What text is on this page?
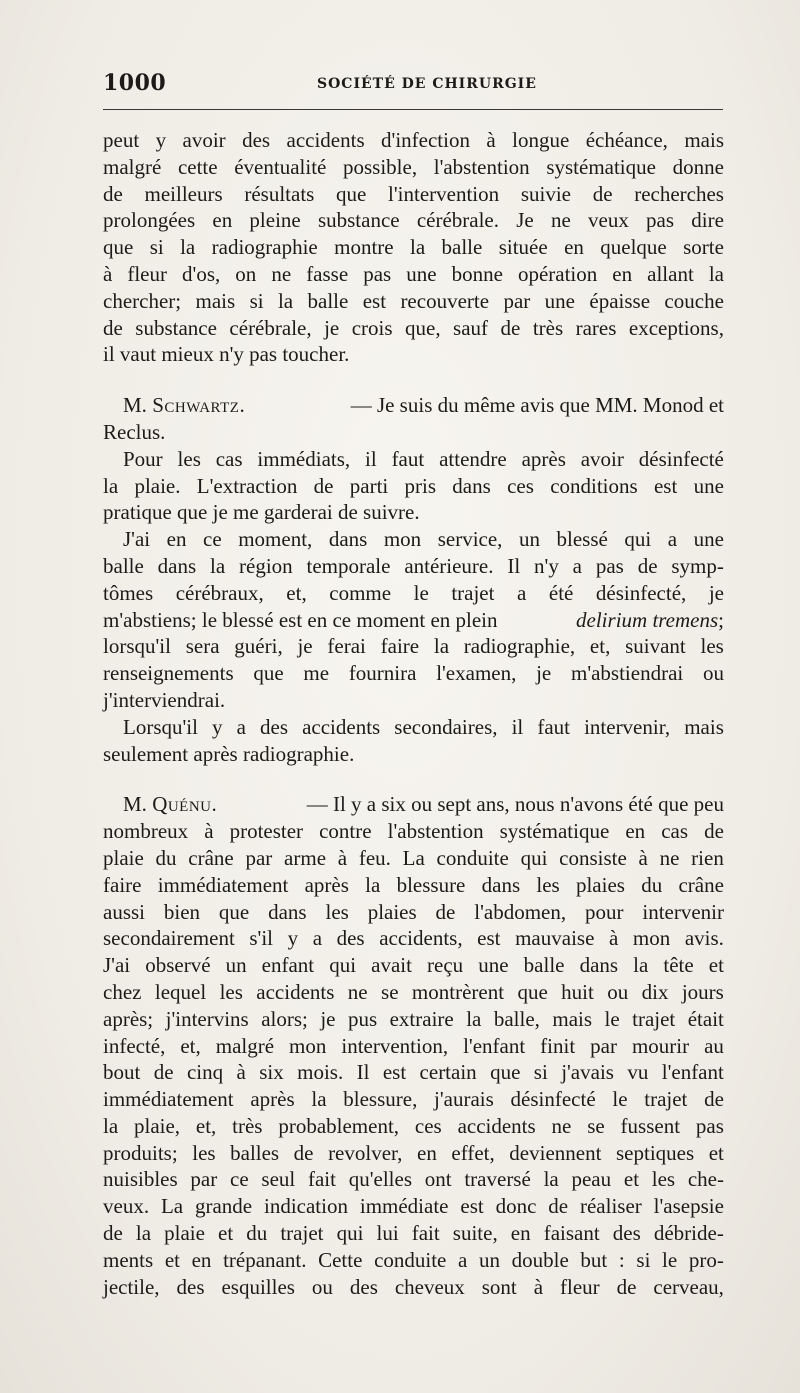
1000	SOCIÉTÉ DE CHIRURGIE
peut y avoir des accidents d'infection à longue échéance, mais
malgré cette éventualité possible, l'abstention systématique donne
de meilleurs résultats que l'intervention suivie de recherches
prolongées en pleine substance cérébrale. Je ne veux pas dire
que si la radiographie montre la balle située en quelque sorte
à fleur d'os, on ne fasse pas une bonne opération en allant la
chercher; mais si la balle est recouverte par une épaisse couche
de substance cérébrale, je crois que, sauf de très rares exceptions,
il vaut mieux n'y pas toucher.
M. Schwartz.	— Je suis du même avis que MM. Monod et
Reclus.
Pour les cas immédiats, il faut attendre après avoir désinfecté
la plaie. L'extraction de parti pris dans ces conditions est une
pratique que je me garderai de suivre.
J'ai en ce moment, dans mon service, un blessé qui a une
balle dans la région temporale antérieure. Il n'y a pas de symp-
tômes cérébraux, et, comme le trajet a été désinfecté, je
m'abstiens; le blessé est en ce moment en plein	delirium tremens;
lorsqu'il sera guéri, je ferai faire la radiographie, et, suivant les
renseignements que me fournira l'examen, je m'abstiendrai ou
j'interviendrai.
Lorsqu'il y a des accidents secondaires, il faut intervenir, mais
seulement après radiographie.
M. Quénu.	— Il y a six ou sept ans, nous n'avons été que peu
nombreux à protester contre l'abstention systématique en cas de
plaie du crâne par arme à feu. La conduite qui consiste à ne rien
faire immédiatement après la blessure dans les plaies du crâne
aussi bien que dans les plaies de l'abdomen, pour intervenir
secondairement s'il y a des accidents, est mauvaise à mon avis.
J'ai observé un enfant qui avait reçu une balle dans la tête et
chez lequel les accidents ne se montrèrent que huit ou dix jours
après; j'intervins alors; je pus extraire la balle, mais le trajet était
infecté, et, malgré mon intervention, l'enfant finit par mourir au
bout de cinq à six mois. Il est certain que si j'avais vu l'enfant
immédiatement après la blessure, j'aurais désinfecté le trajet de
la plaie, et, très probablement, ces accidents ne se fussent pas
produits; les balles de revolver, en effet, deviennent septiques et
nuisibles par ce seul fait qu'elles ont traversé la peau et les che-
veux. La grande indication immédiate est donc de réaliser l'asepsie
de la plaie et du trajet qui lui fait suite, en faisant des débride-
ments et en trépanant. Cette conduite a un double but : si le pro-
jectile, des esquilles ou des cheveux sont à fleur de cerveau,
